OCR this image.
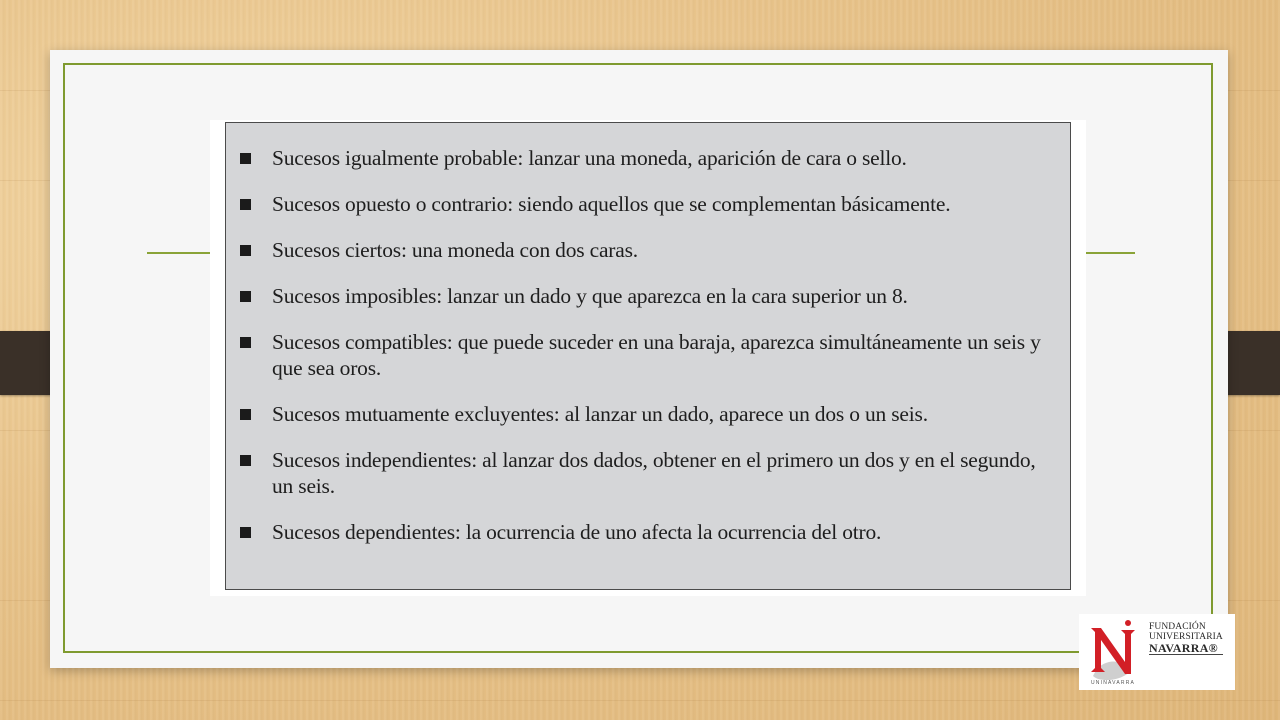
Sucesos igualmente probable: lanzar una moneda, aparición de cara o sello.
Sucesos opuesto o contrario: siendo aquellos que se complementan básicamente.
Sucesos ciertos: una moneda con dos caras.
Sucesos imposibles: lanzar un dado y que aparezca en la cara superior un 8.
Sucesos compatibles: que puede suceder en una baraja, aparezca simultáneamente un seis y que sea oros.
Sucesos mutuamente excluyentes: al lanzar un dado, aparece un dos o un seis.
Sucesos independientes: al lanzar dos dados, obtener en el primero un dos y en el segundo, un seis.
Sucesos dependientes: la ocurrencia de uno afecta la ocurrencia del otro.
FUNDACIÓN
UNIVERSITARIA
NAVARRA®
UNINAVARRA
